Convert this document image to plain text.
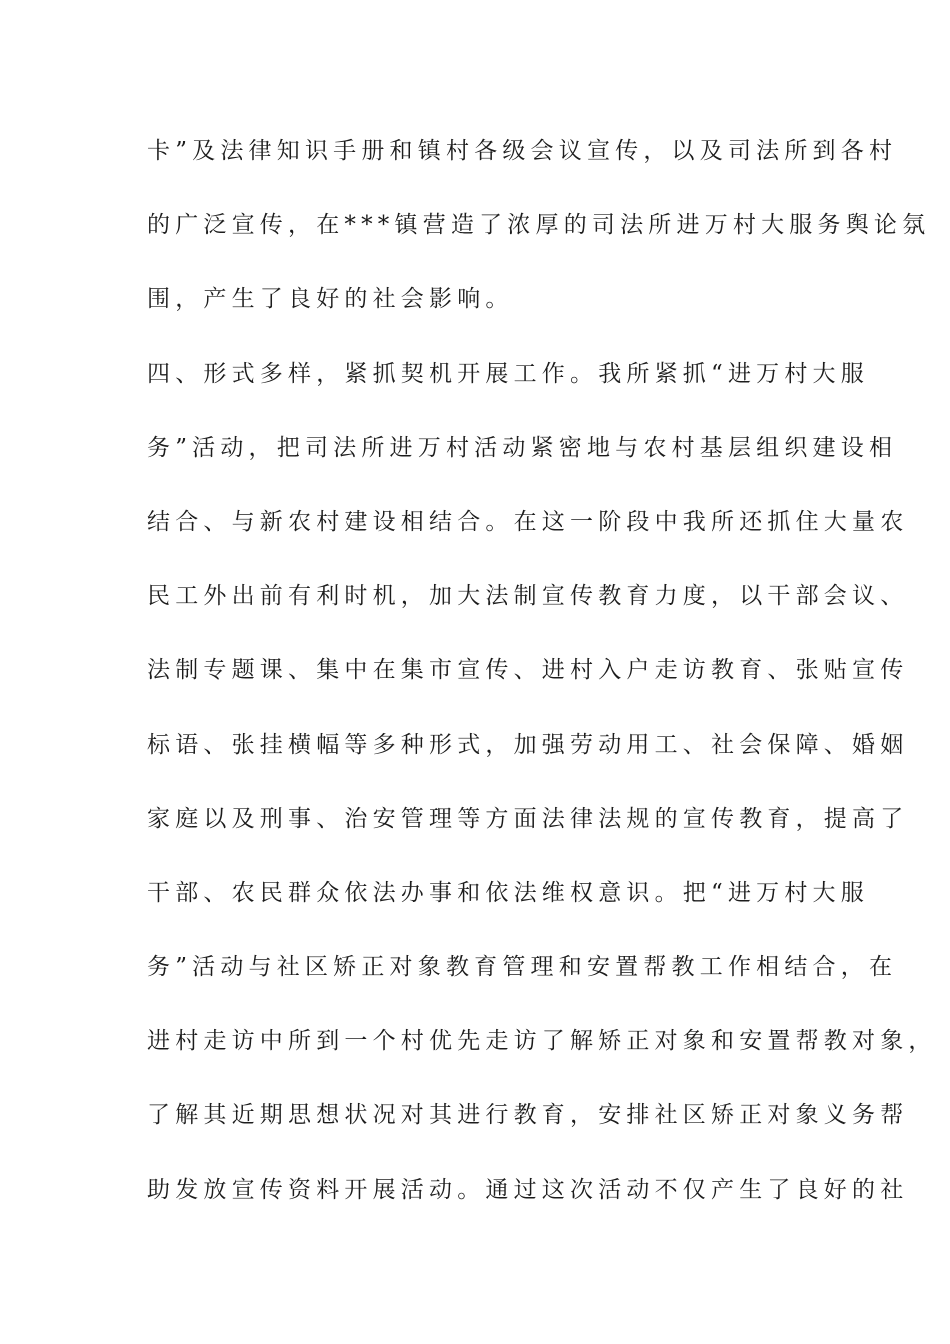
卡”及法律知识手册和镇村各级会议宣传，以及司法所到各村
的广泛宣传，在***镇营造了浓厚的司法所进万村大服务舆论氛
围，产生了良好的社会影响。
四、形式多样，紧抓契机开展工作。我所紧抓“进万村大服
务”活动，把司法所进万村活动紧密地与农村基层组织建设相
结合、与新农村建设相结合。在这一阶段中我所还抓住大量农
民工外出前有利时机，加大法制宣传教育力度，以干部会议、
法制专题课、集中在集市宣传、进村入户走访教育、张贴宣传
标语、张挂横幅等多种形式，加强劳动用工、社会保障、婚姻
家庭以及刑事、治安管理等方面法律法规的宣传教育，提高了
干部、农民群众依法办事和依法维权意识。把“进万村大服
务”活动与社区矫正对象教育管理和安置帮教工作相结合，在
进村走访中所到一个村优先走访了解矫正对象和安置帮教对象，
了解其近期思想状况对其进行教育，安排社区矫正对象义务帮
助发放宣传资料开展活动。通过这次活动不仅产生了良好的社
